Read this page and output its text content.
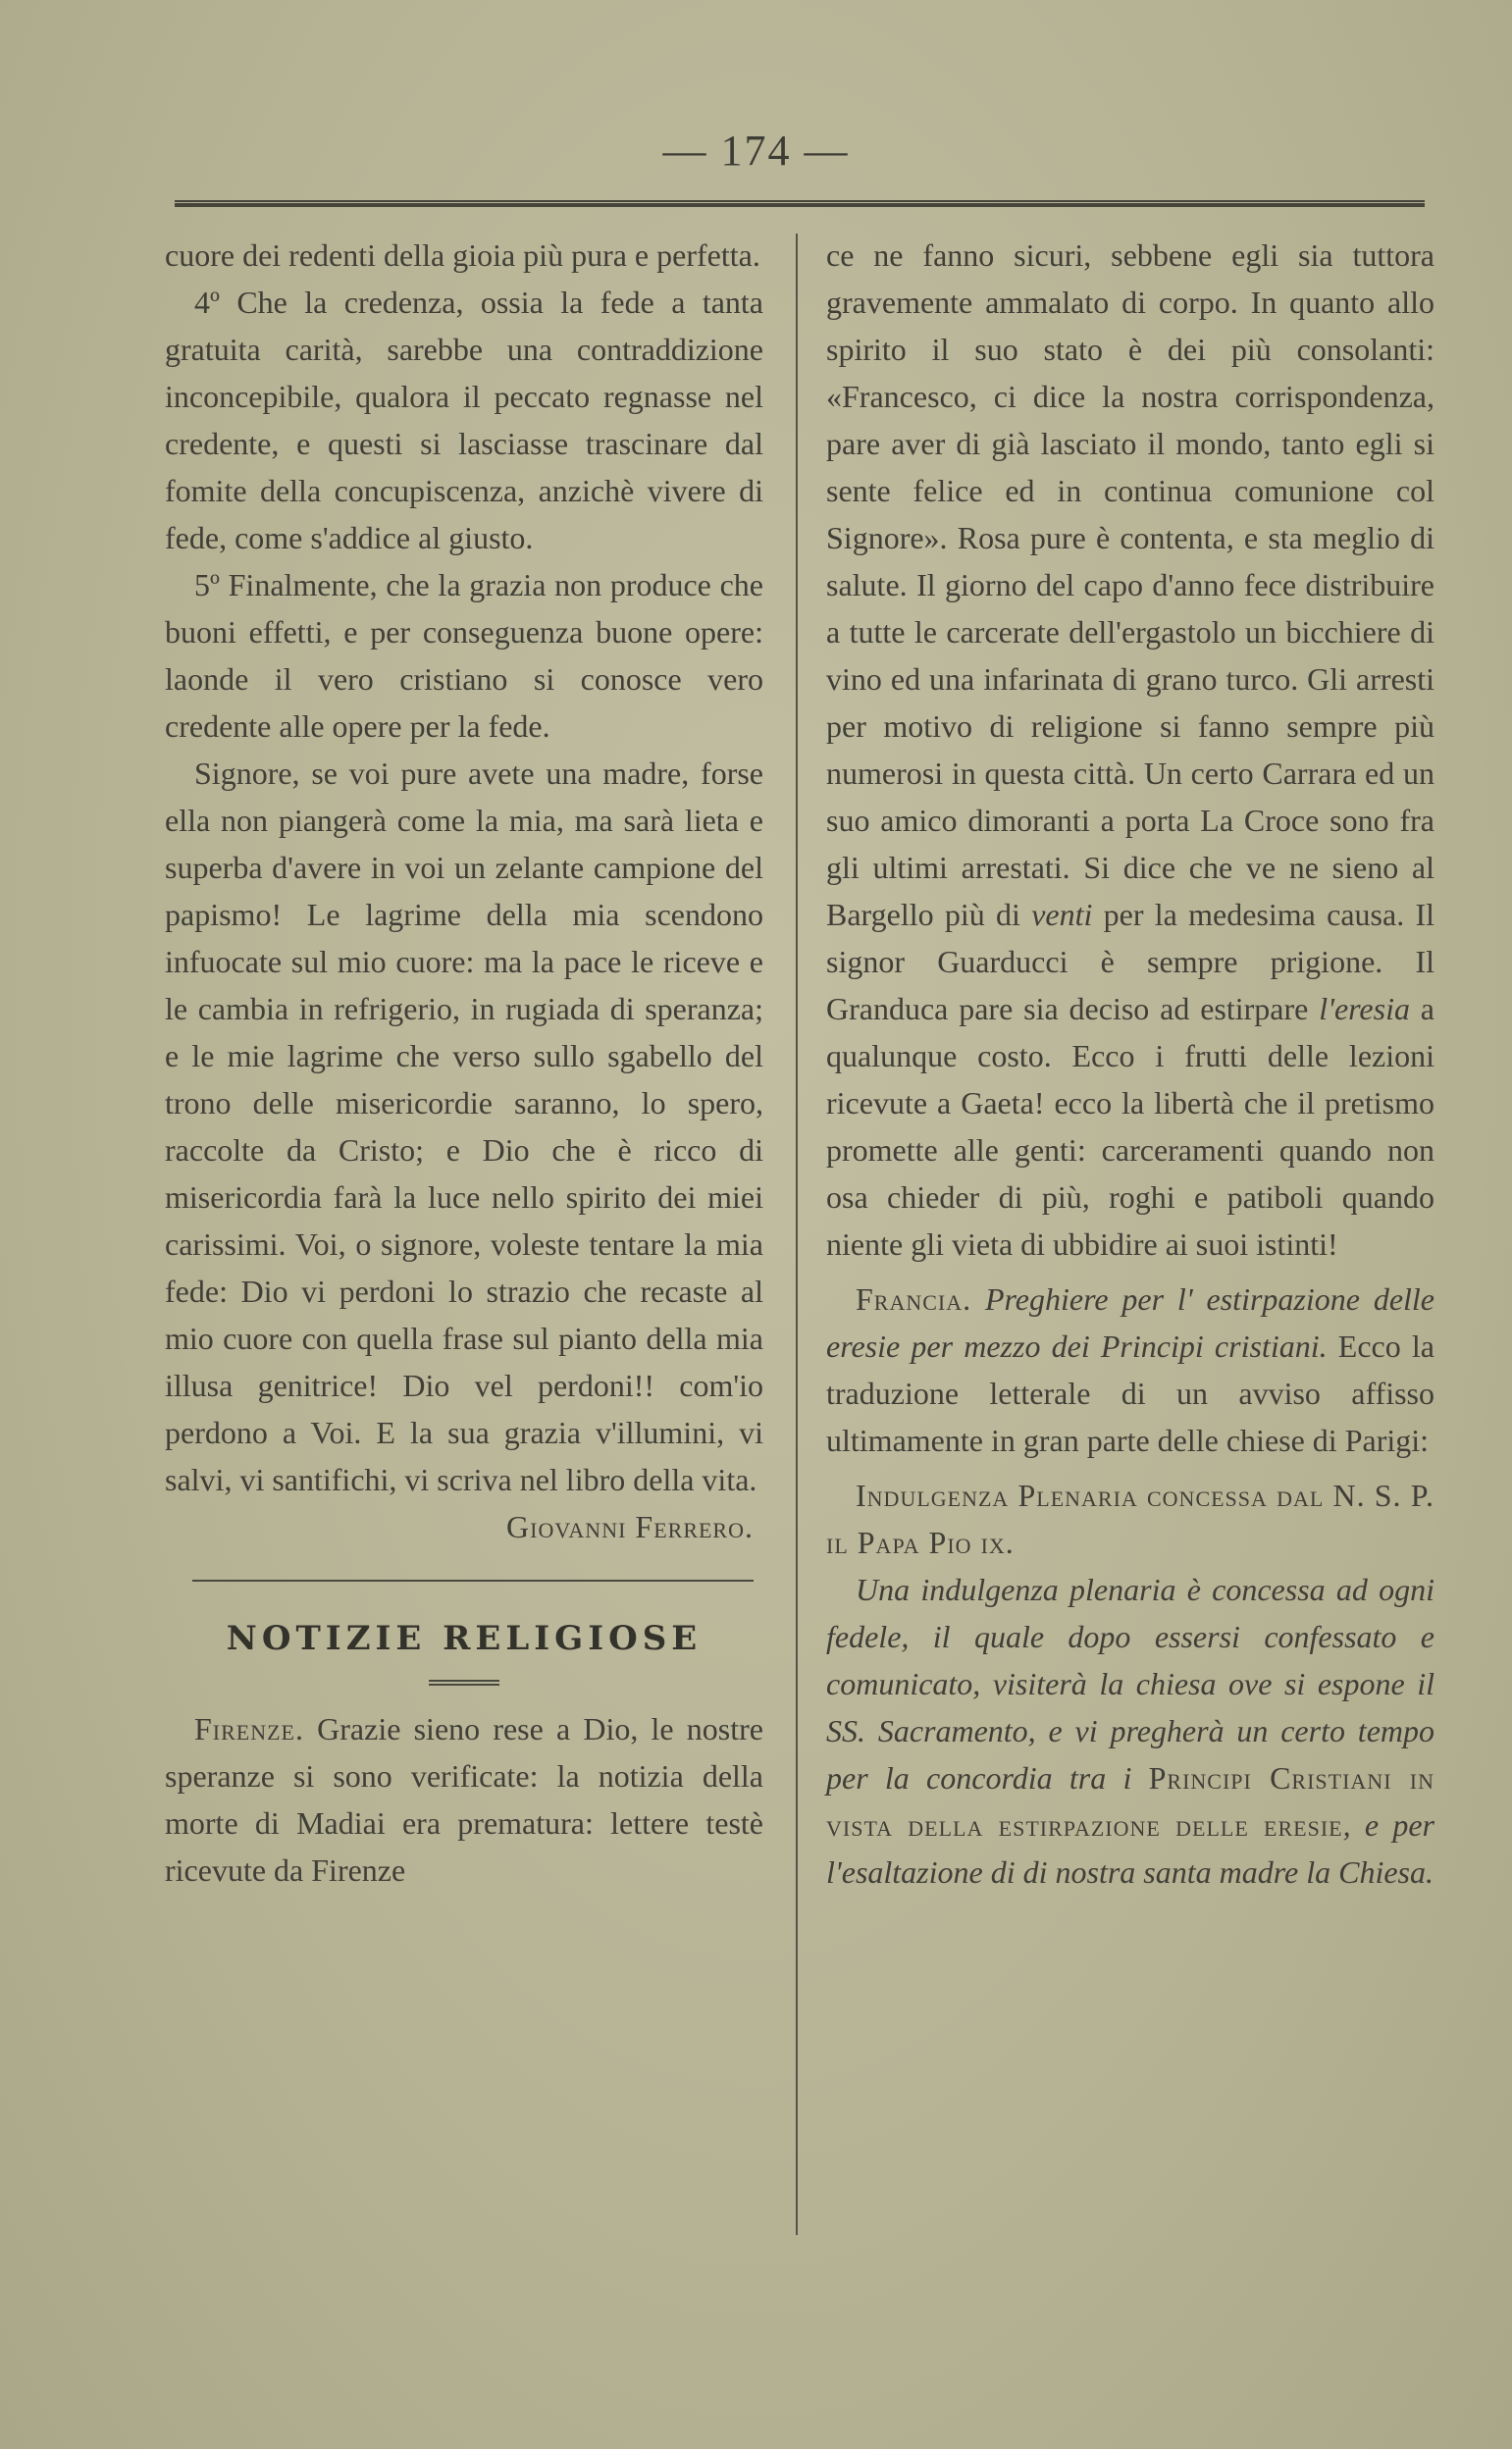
— 174 —

cuore dei redenti della gioia più pura e perfetta.

4º Che la credenza, ossia la fede a tanta gratuita carità, sarebbe una contraddizione inconcepibile, qualora il peccato regnasse nel credente, e questi si lasciasse trascinare dal fomite della concupiscenza, anzichè vivere di fede, come s'addice al giusto.

5º Finalmente, che la grazia non produce che buoni effetti, e per conseguenza buone opere: laonde il vero cristiano si conosce vero credente alle opere per la fede.

Signore, se voi pure avete una madre, forse ella non piangerà come la mia, ma sarà lieta e superba d'avere in voi un zelante campione del papismo! Le lagrime della mia scendono infuocate sul mio cuore: ma la pace le riceve e le cambia in refrigerio, in rugiada di speranza; e le mie lagrime che verso sullo sgabello del trono delle misericordie saranno, lo spero, raccolte da Cristo; e Dio che è ricco di misericordia farà la luce nello spirito dei miei carissimi. Voi, o signore, voleste tentare la mia fede: Dio vi perdoni lo strazio che recaste al mio cuore con quella frase sul pianto della mia illusa genitrice! Dio vel perdoni!! com'io perdono a Voi. E la sua grazia v'illumini, vi salvi, vi santifichi, vi scriva nel libro della vita.

Giovanni Ferrero.

NOTIZIE RELIGIOSE

Firenze. Grazie sieno rese a Dio, le nostre speranze si sono verificate: la notizia della morte di Madiai era prematura: lettere testè ricevute da Firenze

ce ne fanno sicuri, sebbene egli sia tuttora gravemente ammalato di corpo. In quanto allo spirito il suo stato è dei più consolanti: «Francesco, ci dice la nostra corrispondenza, pare aver di già lasciato il mondo, tanto egli si sente felice ed in continua comunione col Signore». Rosa pure è contenta, e sta meglio di salute. Il giorno del capo d'anno fece distribuire a tutte le carcerate dell'ergastolo un bicchiere di vino ed una infarinata di grano turco. Gli arresti per motivo di religione si fanno sempre più numerosi in questa città. Un certo Carrara ed un suo amico dimoranti a porta La Croce sono fra gli ultimi arrestati. Si dice che ve ne sieno al Bargello più di venti per la medesima causa. Il signor Guarducci è sempre prigione. Il Granduca pare sia deciso ad estirpare l'eresia a qualunque costo. Ecco i frutti delle lezioni ricevute a Gaeta! ecco la libertà che il pretismo promette alle genti: carceramenti quando non osa chieder di più, roghi e patiboli quando niente gli vieta di ubbidire ai suoi istinti!

Francia. Preghiere per l' estirpazione delle eresie per mezzo dei Principi cristiani. Ecco la traduzione letterale di un avviso affisso ultimamente in gran parte delle chiese di Parigi:

Indulgenza Plenaria concessa dal N. S. P. il Papa Pio ix.

Una indulgenza plenaria è concessa ad ogni fedele, il quale dopo essersi confessato e comunicato, visiterà la chiesa ove si espone il SS. Sacramento, e vi pregherà un certo tempo per la concordia tra i Principi Cristiani in vista della estirpazione delle eresie, e per l'esaltazione di di nostra santa madre la Chiesa.
